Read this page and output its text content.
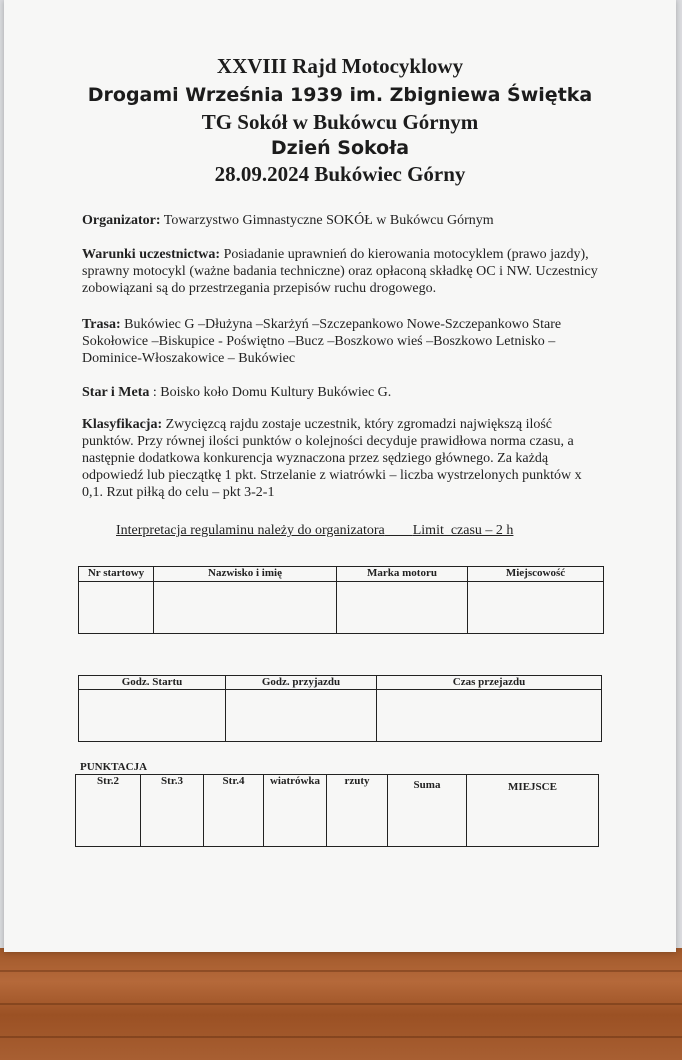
XXVIII Rajd Motocyklowy
Drogami Września 1939 im. Zbigniewa Świętka
TG Sokół w Bukówcu Górnym
Dzień Sokoła
28.09.2024 Bukówiec Górny
Organizator: Towarzystwo Gimnastyczne SOKÓŁ w Bukówcu Górnym
Warunki uczestnictwa: Posiadanie uprawnień do kierowania motocyklem (prawo jazdy), sprawny motocykl (ważne badania techniczne) oraz opłaconą składkę OC i NW. Uczestnicy zobowiązani są do przestrzegania przepisów ruchu drogowego.
Trasa: Bukówiec G –Dłużyna –Skarżyń –Szczepankowo Nowe-Szczepankowo Stare Sokołowice –Biskupice - Poświętno –Bucz –Boszkowo wieś –Boszkowo Letnisko –Dominice-Włoszakowice – Bukówiec
Star i Meta : Boisko koło Domu Kultury Bukówiec G.
Klasyfikacja: Zwycięzcą rajdu zostaje uczestnik, który zgromadzi największą ilość punktów. Przy równej ilości punktów o kolejności decyduje prawidłowa norma czasu, a następnie dodatkowa konkurencja wyznaczona przez sędziego głównego. Za każdą odpowiedź lub pieczątkę 1 pkt. Strzelanie z wiatrówki – liczba wystrzelonych punktów x 0,1. Rzut piłką do celu – pkt 3-2-1
Interpretacja regulaminu należy do organizatora Limit  czasu – 2 h
Nr startowy	Nazwisko i imię	Marka motoru	Miejscowość

Godz. Startu	Godz. przyjazdu	Czas przejazdu

PUNKTACJA
Str.2	Str.3	Str.4	wiatrówka	rzuty	Suma	MIEJSCE
